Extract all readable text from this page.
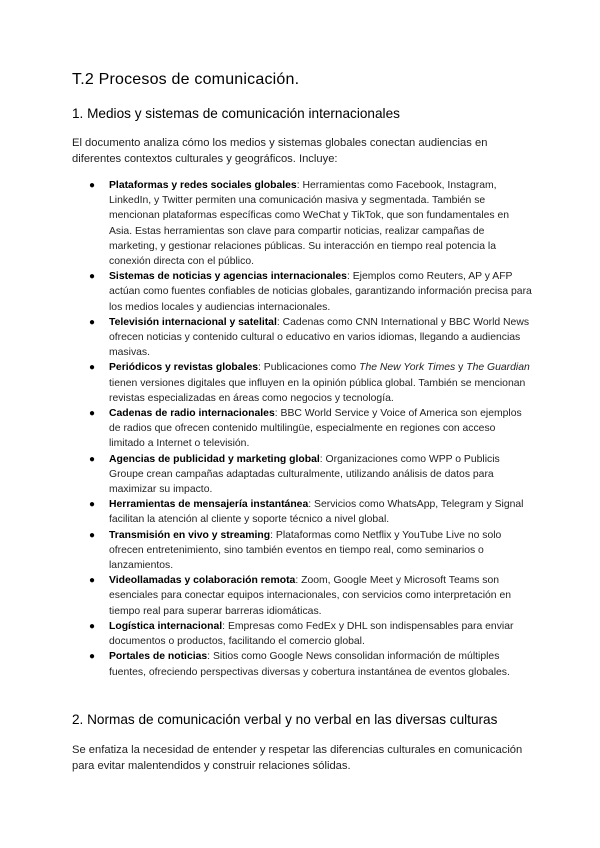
T.2 Procesos de comunicación.
1. Medios y sistemas de comunicación internacionales

El documento analiza cómo los medios y sistemas globales conectan audiencias en diferentes contextos culturales y geográficos. Incluye:

● Plataformas y redes sociales globales: Herramientas como Facebook, Instagram, LinkedIn, y Twitter permiten una comunicación masiva y segmentada. También se mencionan plataformas específicas como WeChat y TikTok, que son fundamentales en Asia. Estas herramientas son clave para compartir noticias, realizar campañas de marketing, y gestionar relaciones públicas. Su interacción en tiempo real potencia la conexión directa con el público.
● Sistemas de noticias y agencias internacionales: Ejemplos como Reuters, AP y AFP actúan como fuentes confiables de noticias globales, garantizando información precisa para los medios locales y audiencias internacionales.
● Televisión internacional y satelital: Cadenas como CNN International y BBC World News ofrecen noticias y contenido cultural o educativo en varios idiomas, llegando a audiencias masivas.
● Periódicos y revistas globales: Publicaciones como The New York Times y The Guardian tienen versiones digitales que influyen en la opinión pública global. También se mencionan revistas especializadas en áreas como negocios y tecnología.
● Cadenas de radio internacionales: BBC World Service y Voice of America son ejemplos de radios que ofrecen contenido multilingüe, especialmente en regiones con acceso limitado a Internet o televisión.
● Agencias de publicidad y marketing global: Organizaciones como WPP o Publicis Groupe crean campañas adaptadas culturalmente, utilizando análisis de datos para maximizar su impacto.
● Herramientas de mensajería instantánea: Servicios como WhatsApp, Telegram y Signal facilitan la atención al cliente y soporte técnico a nivel global.
● Transmisión en vivo y streaming: Plataformas como Netflix y YouTube Live no solo ofrecen entretenimiento, sino también eventos en tiempo real, como seminarios o lanzamientos.
● Videollamadas y colaboración remota: Zoom, Google Meet y Microsoft Teams son esenciales para conectar equipos internacionales, con servicios como interpretación en tiempo real para superar barreras idiomáticas.
● Logística internacional: Empresas como FedEx y DHL son indispensables para enviar documentos o productos, facilitando el comercio global.
● Portales de noticias: Sitios como Google News consolidan información de múltiples fuentes, ofreciendo perspectivas diversas y cobertura instantánea de eventos globales.
2. Normas de comunicación verbal y no verbal en las diversas culturas

Se enfatiza la necesidad de entender y respetar las diferencias culturales en comunicación para evitar malentendidos y construir relaciones sólidas.
